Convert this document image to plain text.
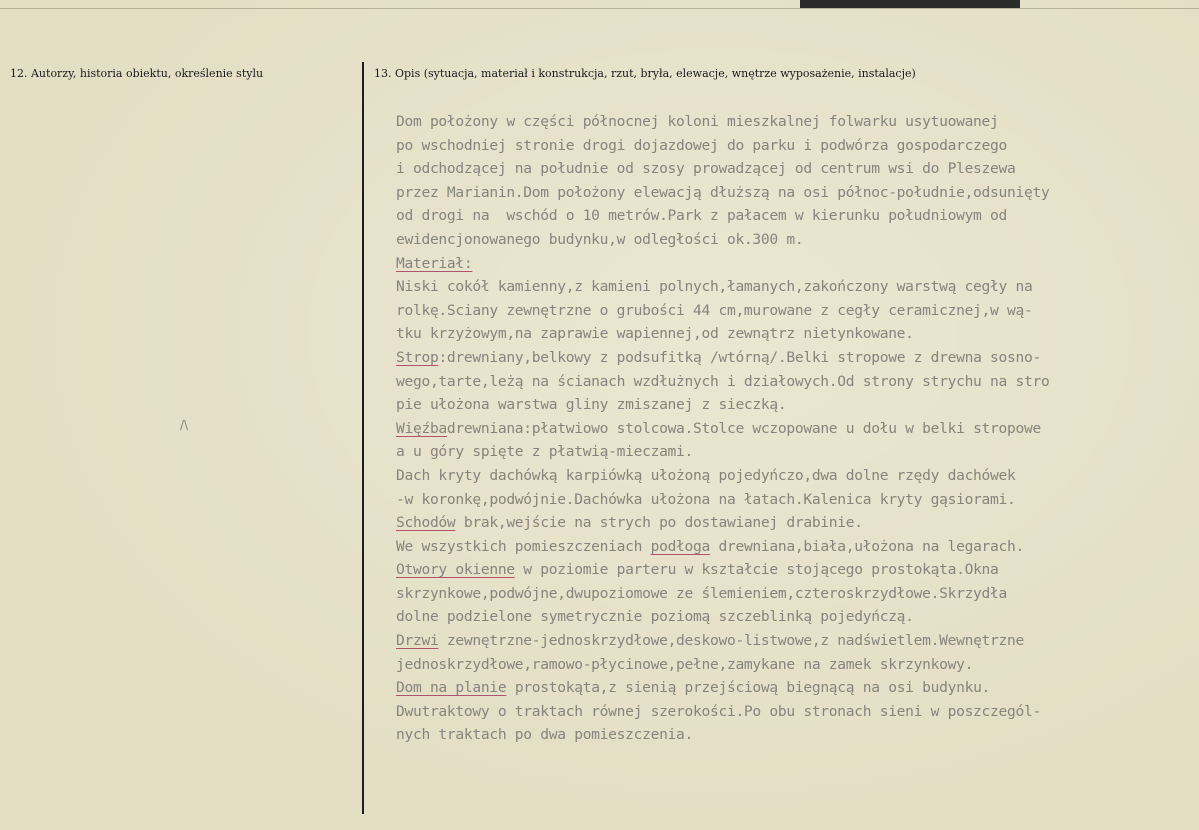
12. Autorzy, historia obiektu, określenie stylu	13. Opis (sytuacja, materiał i konstrukcja, rzut, bryła, elewacje, wnętrze wyposażenie, instalacje)
/\
Dom położony w części północnej koloni mieszkalnej folwarku usytuowanej
po wschodniej stronie drogi dojazdowej do parku i podwórza gospodarczego
i odchodzącej na południe od szosy prowadzącej od centrum wsi do Pleszewa
przez Marianin.Dom położony elewacją dłuższą na osi północ-południe,odsunięty
od drogi na  wschód o 10 metrów.Park z pałacem w kierunku południowym od
ewidencjonowanego budynku,w odległości ok.300 m.
Materiał:
Niski cokół kamienny,z kamieni polnych,łamanych,zakończony warstwą cegły na
rolkę.Sciany zewnętrzne o grubości 44 cm,murowane z cegły ceramicznej,w wą-
tku krzyżowym,na zaprawie wapiennej,od zewnątrz nietynkowane.
Strop:drewniany,belkowy z podsufitką /wtórną/.Belki stropowe z drewna sosno-
wego,tarte,leżą na ścianach wzdłużnych i działowych.Od strony strychu na stro
pie ułożona warstwa gliny zmiszanej z sieczką.
Więźbadrewniana:płatwiowo stolcowa.Stolce wczopowane u dołu w belki stropowe
a u góry spięte z płatwią-mieczami.
Dach kryty dachówką karpiówką ułożoną pojedyńczo,dwa dolne rzędy dachówek
-w koronkę,podwójnie.Dachówka ułożona na łatach.Kalenica kryty gąsiorami.
Schodów brak,wejście na strych po dostawianej drabinie.
We wszystkich pomieszczeniach podłoga drewniana,biała,ułożona na legarach.
Otwory okienne w poziomie parteru w kształcie stojącego prostokąta.Okna
skrzynkowe,podwójne,dwupoziomowe ze ślemieniem,czteroskrzydłowe.Skrzydła
dolne podzielone symetrycznie poziomą szczeblinką pojedyńczą.
Drzwi zewnętrzne-jednoskrzydłowe,deskowo-listwowe,z nadświetlem.Wewnętrzne
jednoskrzydłowe,ramowo-płycinowe,pełne,zamykane na zamek skrzynkowy.
Dom na planie prostokąta,z sienią przejściową biegnącą na osi budynku.
Dwutraktowy o traktach równej szerokości.Po obu stronach sieni w poszczegól-
nych traktach po dwa pomieszczenia.
